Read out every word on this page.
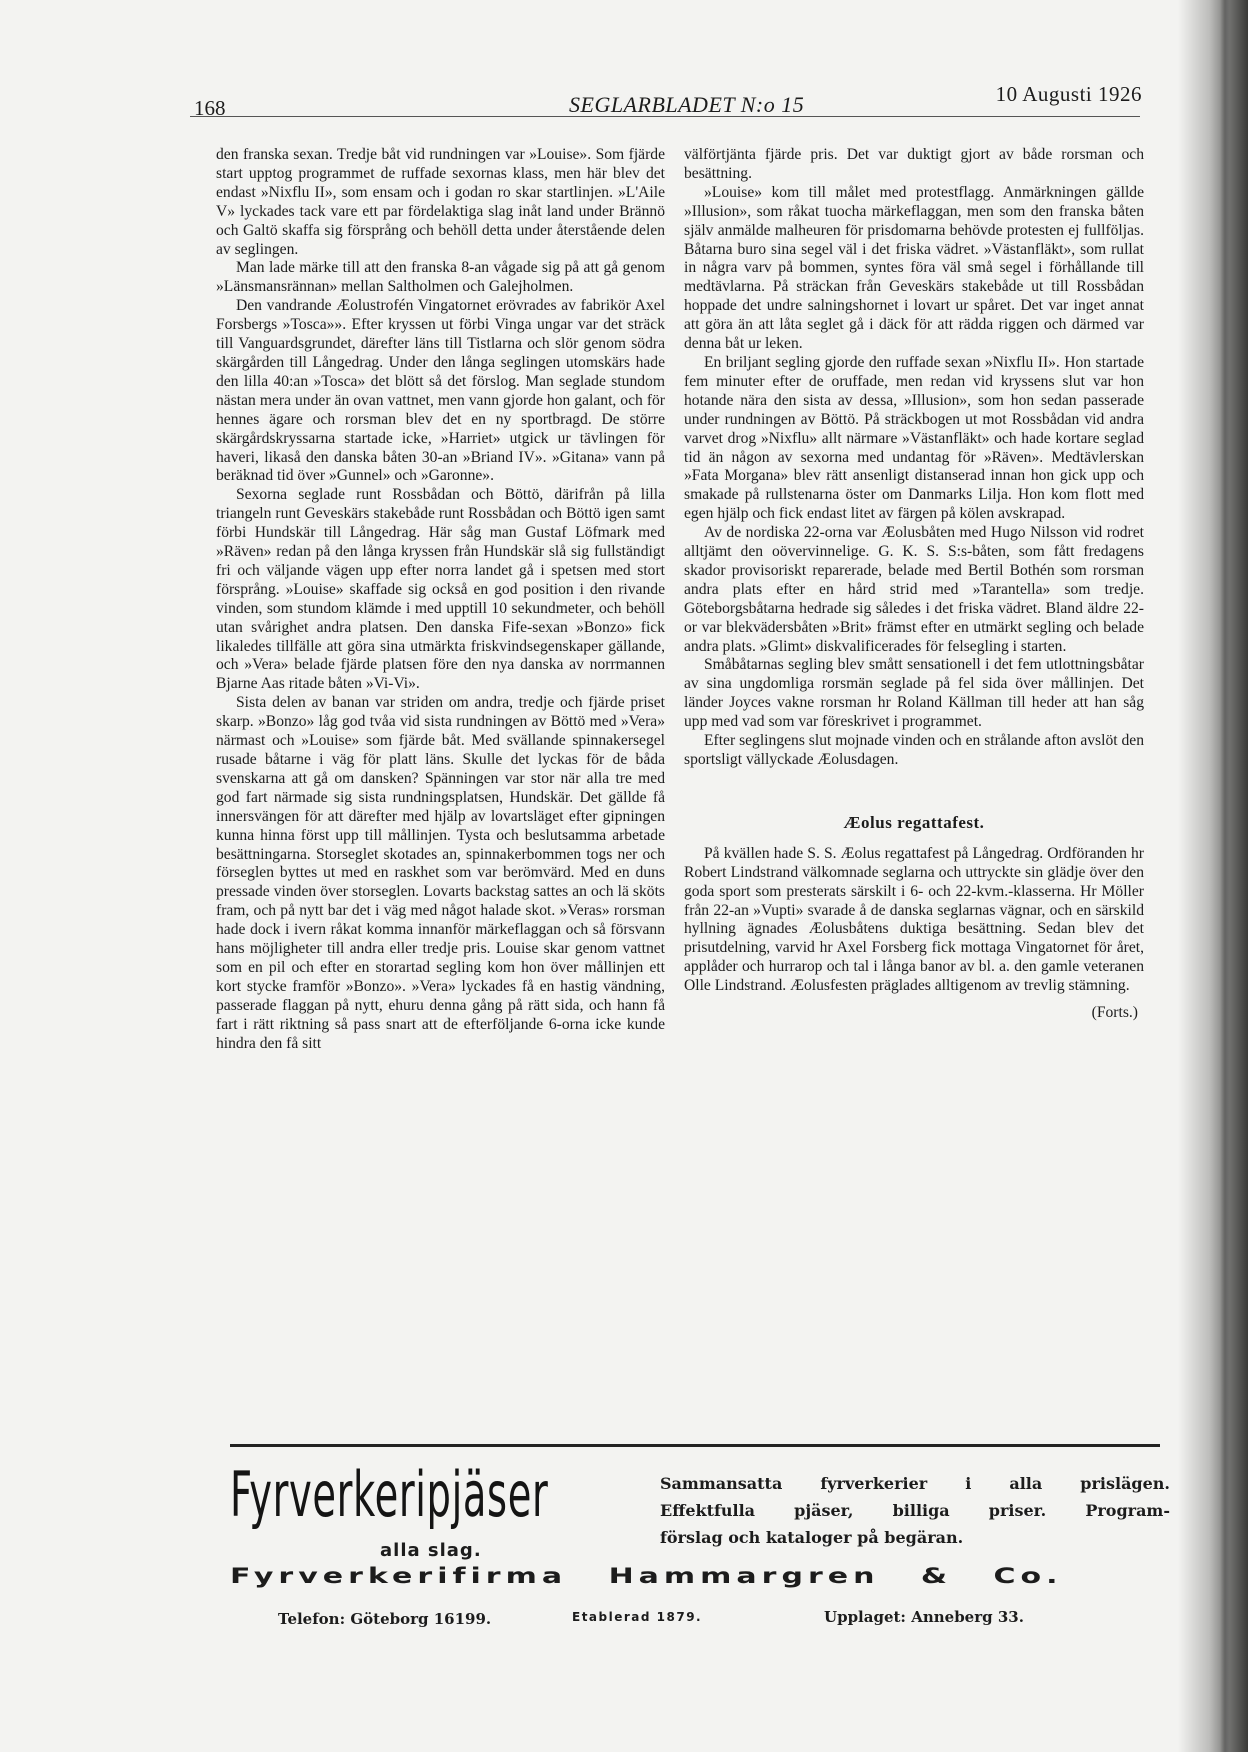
168	SEGLARBLADET N:o 15	10 Augusti 1926

den franska sexan. Tredje båt vid rundningen var »Louise». Som fjärde start upptog programmet de ruffade sexornas klass, men här blev det endast »Nixflu II», som ensam och i godan ro skar startlinjen. »L'Aile V» lyckades tack vare ett par fördelaktiga slag inåt land under Brännö och Galtö skaffa sig försprång och behöll detta under återstående delen av seglingen.

Man lade märke till att den franska 8-an vågade sig på att gå genom »Länsmansrännan» mellan Saltholmen och Galejholmen.

Den vandrande Æolustrofén Vingatornet erövrades av fabrikör Axel Forsbergs »Tosca»». Efter kryssen ut förbi Vinga ungar var det sträck till Vanguardsgrundet, därefter läns till Tistlarna och slör genom södra skärgården till Långedrag. Under den långa seglingen utomskärs hade den lilla 40:an »Tosca» det blött så det förslog. Man seglade stundom nästan mera under än ovan vattnet, men vann gjorde hon galant, och för hennes ägare och rorsman blev det en ny sportbragd. De större skärgårdskryssarna startade icke, »Harriet» utgick ur tävlingen för haveri, likaså den danska båten 30-an »Briand IV». »Gitana» vann på beräknad tid över »Gunnel» och »Garonne».

Sexorna seglade runt Rossbådan och Böttö, därifrån på lilla triangeln runt Geveskärs stakebåde runt Rossbådan och Böttö igen samt förbi Hundskär till Långedrag. Här såg man Gustaf Löfmark med »Räven» redan på den långa kryssen från Hundskär slå sig fullständigt fri och väljande vägen upp efter norra landet gå i spetsen med stort försprång. »Louise» skaffade sig också en god position i den rivande vinden, som stundom klämde i med upptill 10 sekundmeter, och behöll utan svårighet andra platsen. Den danska Fife-sexan »Bonzo» fick likaledes tillfälle att göra sina utmärkta friskvindsegenskaper gällande, och »Vera» belade fjärde platsen före den nya danska av norrmannen Bjarne Aas ritade båten »Vi-Vi».

Sista delen av banan var striden om andra, tredje och fjärde priset skarp. »Bonzo» låg god tvåa vid sista rundningen av Böttö med »Vera» närmast och »Louise» som fjärde båt. Med svällande spinnakersegel rusade båtarne i väg för platt läns. Skulle det lyckas för de båda svenskarna att gå om dansken? Spänningen var stor när alla tre med god fart närmade sig sista rundningsplatsen, Hundskär. Det gällde få innersvängen för att därefter med hjälp av lovartsläget efter gipningen kunna hinna först upp till mållinjen. Tysta och beslutsamma arbetade besättningarna. Storseglet skotades an, spinnakerbommen togs ner och förseglen byttes ut med en raskhet som var berömvärd. Med en duns pressade vinden över storseglen. Lovarts backstag sattes an och lä sköts fram, och på nytt bar det i väg med något halade skot. »Veras» rorsman hade dock i ivern råkat komma innanför märkeflaggan och så försvann hans möjligheter till andra eller tredje pris. Louise skar genom vattnet som en pil och efter en storartad segling kom hon över mållinjen ett kort stycke framför »Bonzo». »Vera» lyckades få en hastig vändning, passerade flaggan på nytt, ehuru denna gång på rätt sida, och hann få fart i rätt riktning så pass snart att de efterföljande 6-orna icke kunde hindra den få sitt

välförtjänta fjärde pris. Det var duktigt gjort av både rorsman och besättning.

»Louise» kom till målet med protestflagg. Anmärkningen gällde »Illusion», som råkat tuocha märkeflaggan, men som den franska båten själv anmälde malheuren för prisdomarna behövde protesten ej fullföljas. Båtarna buro sina segel väl i det friska vädret. »Västanfläkt», som rullat in några varv på bommen, syntes föra väl små segel i förhållande till medtävlarna. På sträckan från Geveskärs stakebåde ut till Rossbådan hoppade det undre salningshornet i lovart ur spåret. Det var inget annat att göra än att låta seglet gå i däck för att rädda riggen och därmed var denna båt ur leken.

En briljant segling gjorde den ruffade sexan »Nixflu II». Hon startade fem minuter efter de oruffade, men redan vid kryssens slut var hon hotande nära den sista av dessa, »Illusion», som hon sedan passerade under rundningen av Böttö. På sträckbogen ut mot Rossbådan vid andra varvet drog »Nixflu» allt närmare »Västanfläkt» och hade kortare seglad tid än någon av sexorna med undantag för »Räven». Medtävlerskan »Fata Morgana» blev rätt ansenligt distanserad innan hon gick upp och smakade på rullstenarna öster om Danmarks Lilja. Hon kom flott med egen hjälp och fick endast litet av färgen på kölen avskrapad.

Av de nordiska 22-orna var Æolusbåten med Hugo Nilsson vid rodret alltjämt den oövervinnelige. G. K. S. S:s-båten, som fått fredagens skador provisoriskt reparerade, belade med Bertil Bothén som rorsman andra plats efter en hård strid med »Tarantella» som tredje. Göteborgsbåtarna hedrade sig således i det friska vädret. Bland äldre 22-or var blekvädersbåten »Brit» främst efter en utmärkt segling och belade andra plats. »Glimt» diskvalificerades för felsegling i starten.

Småbåtarnas segling blev smått sensationell i det fem utlottningsbåtar av sina ungdomliga rorsmän seglade på fel sida över mållinjen. Det länder Joyces vakne rorsman hr Roland Källman till heder att han såg upp med vad som var föreskrivet i programmet.

Efter seglingens slut mojnade vinden och en strålande afton avslöt den sportsligt vällyckade Æolusdagen.

Æolus regattafest.

På kvällen hade S. S. Æolus regattafest på Långedrag. Ordföranden hr Robert Lindstrand välkomnade seglarna och uttryckte sin glädje över den goda sport som presterats särskilt i 6- och 22-kvm.-klasserna. Hr Möller från 22-an »Vupti» svarade å de danska seglarnas vägnar, och en särskild hyllning ägnades Æolusbåtens duktiga besättning. Sedan blev det prisutdelning, varvid hr Axel Forsberg fick mottaga Vingatornet för året, applåder och hurrarop och tal i långa banor av bl. a. den gamle veteranen Olle Lindstrand. Æolusfesten präglades alltigenom av trevlig stämning.

(Forts.)
Fyrverkeripjäser
alla slag.
Sammansatta fyrverkerier i alla prislägen.
Effektfulla pjäser, billiga priser. Program-
förslag och kataloger på begäran.
Fyrverkerifirma Hammargren & Co.
Telefon: Göteborg 16199.	Etablerad 1879.	Upplaget: Anneberg 33.
